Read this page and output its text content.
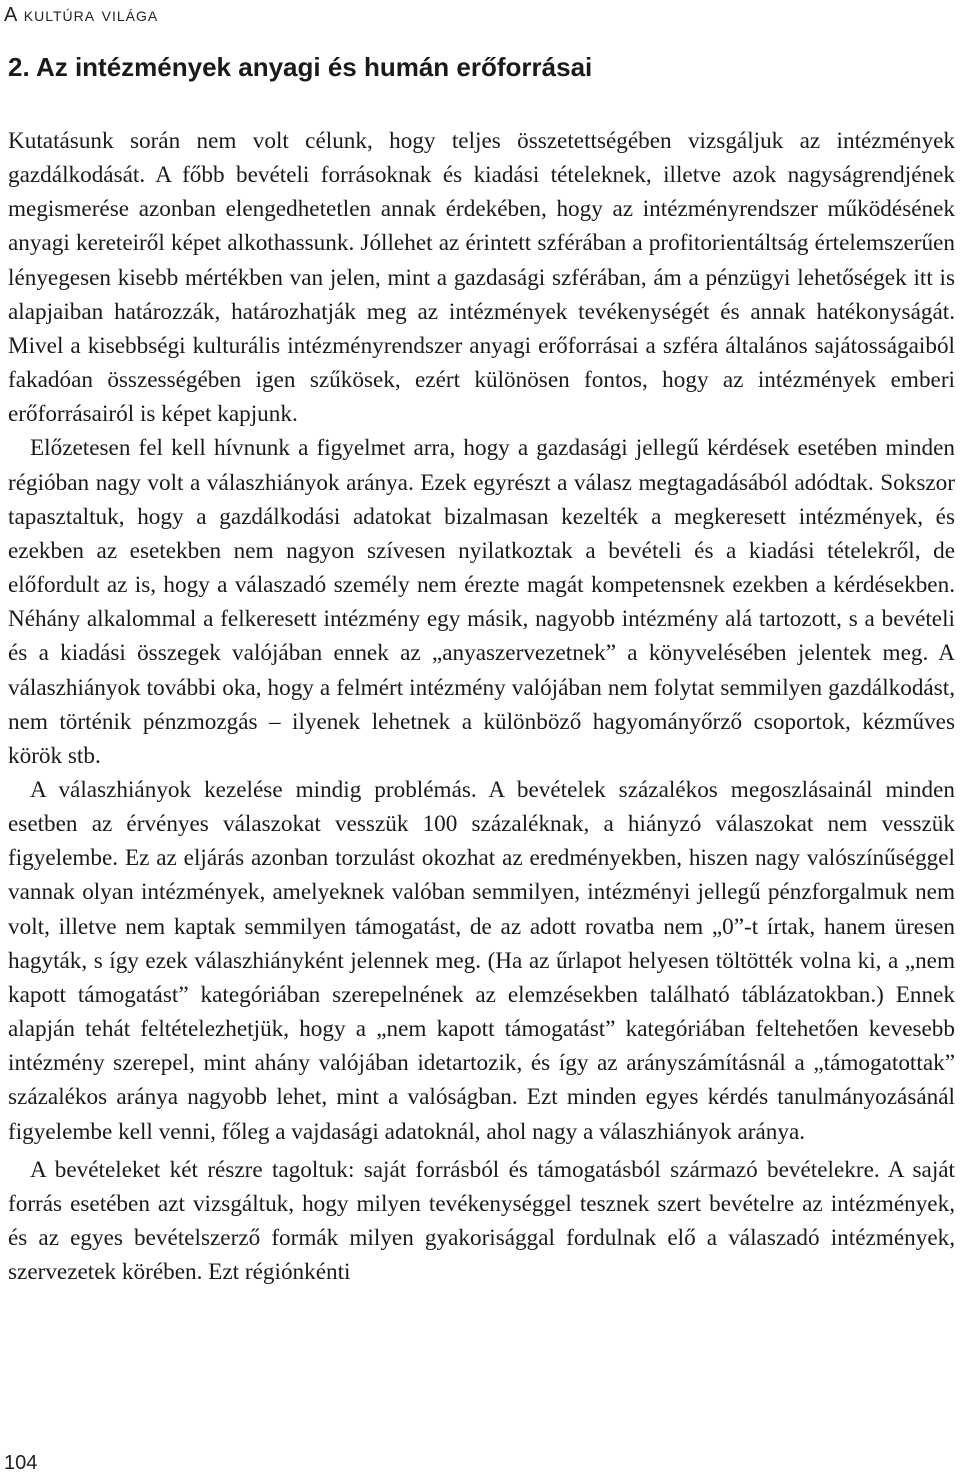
A kultúra világa
2. Az intézmények anyagi és humán erőforrásai

Kutatásunk során nem volt célunk, hogy teljes összetettségében vizsgáljuk az intézmények gazdálkodását. A főbb bevételi forrásoknak és kiadási tételeknek, illetve azok nagyságrendjének megismerése azonban elengedhetetlen annak érdekében, hogy az intézményrendszer működésének anyagi kereteiről képet alkothassunk. Jóllehet az érintett szférában a profitorientáltság értelemszerűen lényegesen kisebb mértékben van jelen, mint a gazdasági szférában, ám a pénzügyi lehetőségek itt is alapjaiban határozzák, határozhatják meg az intézmények tevékenységét és annak hatékonyságát. Mivel a kisebbségi kulturális intézményrendszer anyagi erőforrásai a szféra általános sajátosságaiból fakadóan összességében igen szűkösek, ezért különösen fontos, hogy az intézmények emberi erőforrásairól is képet kapjunk.

Előzetesen fel kell hívnunk a figyelmet arra, hogy a gazdasági jellegű kérdések esetében minden régióban nagy volt a válaszhiányok aránya. Ezek egyrészt a válasz megtagadásából adódtak. Sokszor tapasztaltuk, hogy a gazdálkodási adatokat bizalmasan kezelték a megkeresett intézmények, és ezekben az esetekben nem nagyon szívesen nyilatkoztak a bevételi és a kiadási tételekről, de előfordult az is, hogy a válaszadó személy nem érezte magát kompetensnek ezekben a kérdésekben. Néhány alkalommal a felkeresett intézmény egy másik, nagyobb intézmény alá tartozott, s a bevételi és a kiadási összegek valójában ennek az „anyaszervezetnek” a könyvelésében jelentek meg. A válaszhiányok további oka, hogy a felmért intézmény valójában nem folytat semmilyen gazdálkodást, nem történik pénzmozgás – ilyenek lehetnek a különböző hagyományőrző csoportok, kézműves körök stb.

A válaszhiányok kezelése mindig problémás. A bevételek százalékos megoszlásainál minden esetben az érvényes válaszokat vesszük 100 százaléknak, a hiányzó válaszokat nem vesszük figyelembe. Ez az eljárás azonban torzulást okozhat az eredményekben, hiszen nagy valószínűséggel vannak olyan intézmények, amelyeknek valóban semmilyen, intézményi jellegű pénzforgalmuk nem volt, illetve nem kaptak semmilyen támogatást, de az adott rovatba nem „0”-t írtak, hanem üresen hagyták, s így ezek válaszhiányként jelennek meg. (Ha az űrlapot helyesen töltötték volna ki, a „nem kapott támogatást” kategóriában szerepelnének az elemzésekben található táblázatokban.) Ennek alapján tehát feltételezhetjük, hogy a „nem kapott támogatást” kategóriában feltehetően kevesebb intézmény szerepel, mint ahány valójában idetartozik, és így az arányszámításnál a „támogatottak” százalékos aránya nagyobb lehet, mint a valóságban. Ezt minden egyes kérdés tanulmányozásánál figyelembe kell venni, főleg a vajdasági adatoknál, ahol nagy a válaszhiányok aránya.

A bevételeket két részre tagoltuk: saját forrásból és támogatásból származó bevételekre. A saját forrás esetében azt vizsgáltuk, hogy milyen tevékenységgel tesznek szert bevételre az intézmények, és az egyes bevételszerző formák milyen gyakorisággal fordulnak elő a válaszadó intézmények, szervezetek körében. Ezt régiónkénti

104
